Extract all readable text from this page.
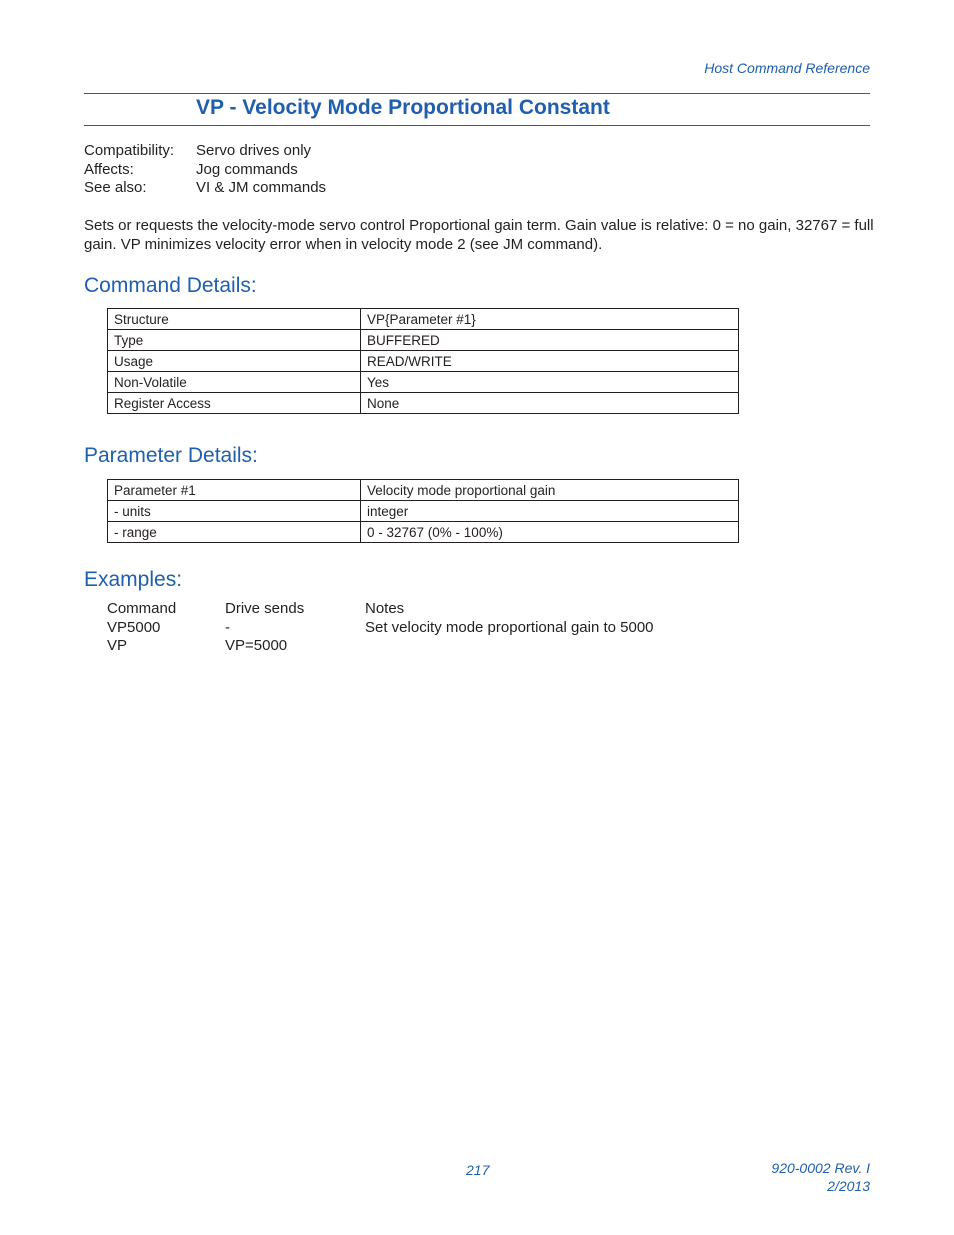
Host Command Reference
VP - Velocity Mode Proportional Constant
Compatibility:	Servo drives only
Affects:	Jog commands
See also:	VI & JM commands
Sets or requests the velocity-mode servo control Proportional gain term. Gain value is relative: 0 = no gain, 32767 = full gain. VP minimizes velocity error when in velocity mode 2 (see JM command).
Command Details:
Structure	VP{Parameter #1}
Type	BUFFERED
Usage	READ/WRITE
Non-Volatile	Yes
Register Access	None
Parameter Details:
Parameter #1	Velocity mode proportional gain
- units	integer
- range	0 - 32767 (0% - 100%)
Examples:
Command	Drive sends	Notes
VP5000	-	Set velocity mode proportional gain to 5000
VP	VP=5000
217	920-0002 Rev. I
2/2013
